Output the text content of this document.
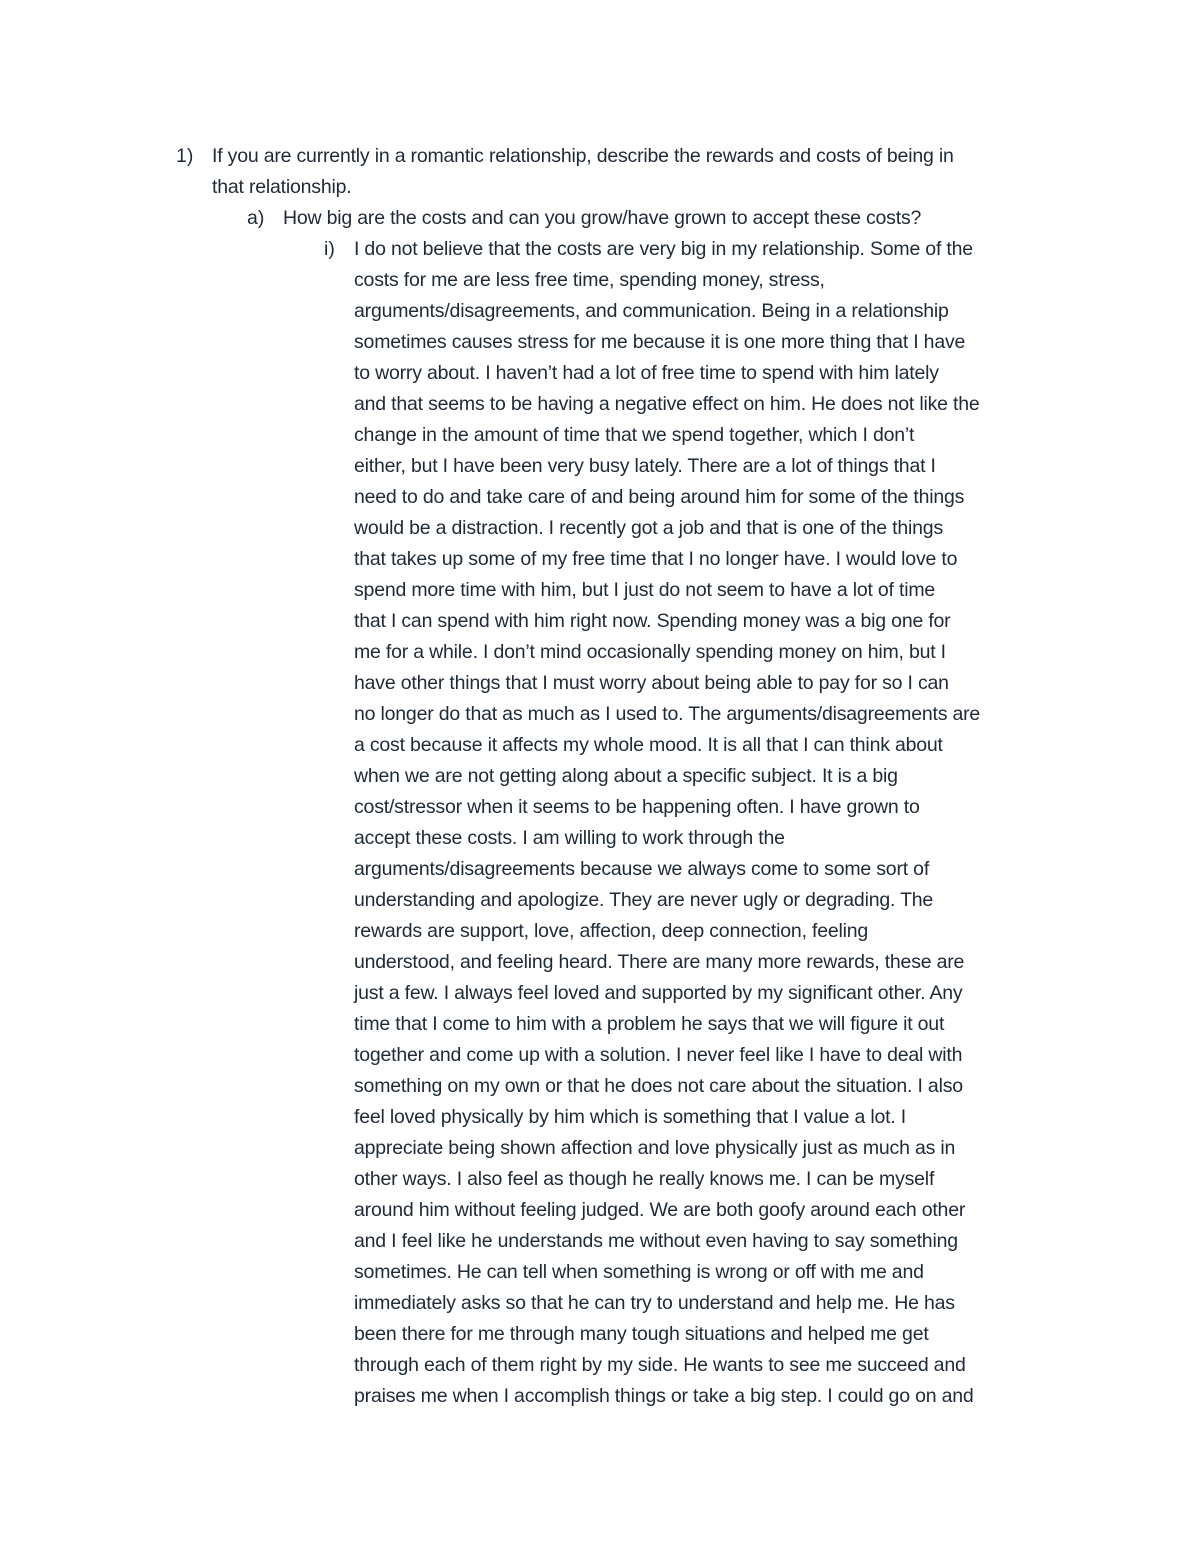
1) If you are currently in a romantic relationship, describe the rewards and costs of being in
that relationship.
a) How big are the costs and can you grow/have grown to accept these costs?
i) I do not believe that the costs are very big in my relationship. Some of the
costs for me are less free time, spending money, stress,
arguments/disagreements, and communication. Being in a relationship
sometimes causes stress for me because it is one more thing that I have
to worry about. I haven’t had a lot of free time to spend with him lately
and that seems to be having a negative effect on him. He does not like the
change in the amount of time that we spend together, which I don’t
either, but I have been very busy lately. There are a lot of things that I
need to do and take care of and being around him for some of the things
would be a distraction. I recently got a job and that is one of the things
that takes up some of my free time that I no longer have. I would love to
spend more time with him, but I just do not seem to have a lot of time
that I can spend with him right now. Spending money was a big one for
me for a while. I don’t mind occasionally spending money on him, but I
have other things that I must worry about being able to pay for so I can
no longer do that as much as I used to. The arguments/disagreements are
a cost because it affects my whole mood. It is all that I can think about
when we are not getting along about a specific subject. It is a big
cost/stressor when it seems to be happening often. I have grown to
accept these costs. I am willing to work through the
arguments/disagreements because we always come to some sort of
understanding and apologize. They are never ugly or degrading. The
rewards are support, love, affection, deep connection, feeling
understood, and feeling heard. There are many more rewards, these are
just a few. I always feel loved and supported by my significant other. Any
time that I come to him with a problem he says that we will figure it out
together and come up with a solution. I never feel like I have to deal with
something on my own or that he does not care about the situation. I also
feel loved physically by him which is something that I value a lot. I
appreciate being shown affection and love physically just as much as in
other ways. I also feel as though he really knows me. I can be myself
around him without feeling judged. We are both goofy around each other
and I feel like he understands me without even having to say something
sometimes. He can tell when something is wrong or off with me and
immediately asks so that he can try to understand and help me. He has
been there for me through many tough situations and helped me get
through each of them right by my side. He wants to see me succeed and
praises me when I accomplish things or take a big step. I could go on and
